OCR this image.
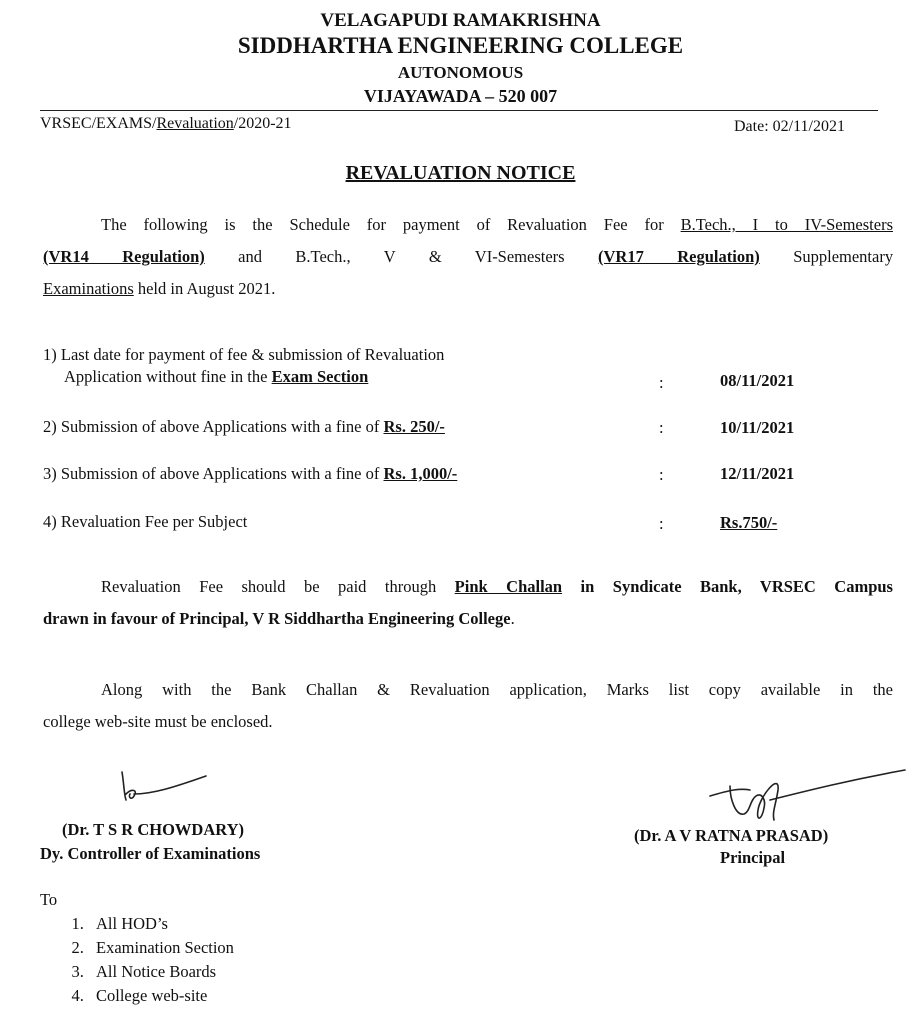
VELAGAPUDI RAMAKRISHNA
SIDDHARTHA ENGINEERING COLLEGE
AUTONOMOUS
VIJAYAWADA – 520 007
VRSEC/EXAMS/Revaluation/2020-21	Date: 02/11/2021
REVALUATION NOTICE
The following is the Schedule for payment of Revaluation Fee for B.Tech., I to IV-Semesters
(VR14 Regulation) and B.Tech., V & VI-Semesters (VR17 Regulation) Supplementary
Examinations held in August 2021.
1) Last date for payment of fee & submission of Revaluation
Application without fine in the Exam Section	:	08/11/2021
2) Submission of above Applications with a fine of Rs. 250/-	:	10/11/2021
3) Submission of above Applications with a fine of Rs. 1,000/-	:	12/11/2021
4) Revaluation Fee per Subject	:	Rs.750/-
Revaluation Fee should be paid through Pink Challan in Syndicate Bank, VRSEC Campus
drawn in favour of Principal, V R Siddhartha Engineering College.
Along with the Bank Challan & Revaluation application, Marks list copy available in the
college web-site must be enclosed.
(Dr. T S R CHOWDARY)
Dy. Controller of Examinations
(Dr. A V RATNA PRASAD)
Principal
To
1. All HOD’s
2. Examination Section
3. All Notice Boards
4. College web-site
